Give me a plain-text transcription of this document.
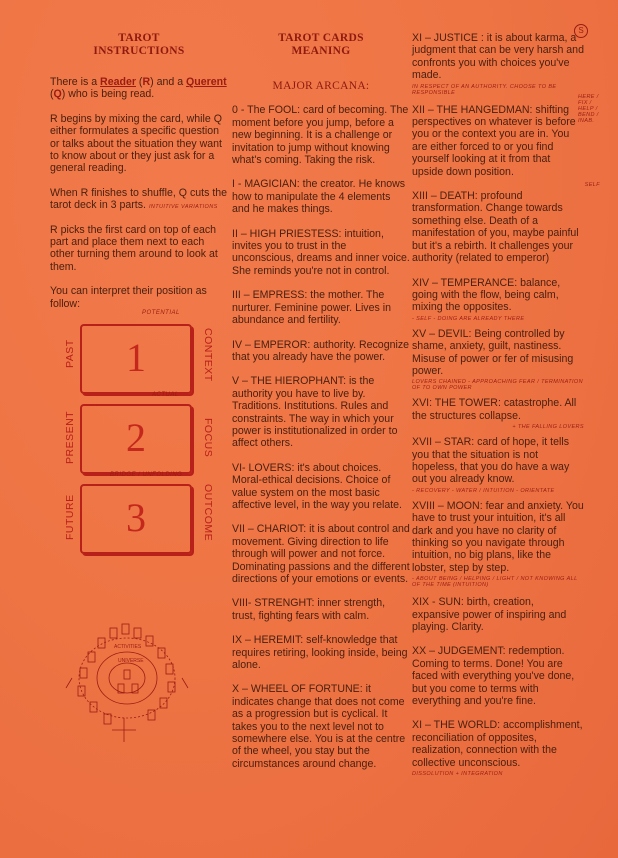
TAROT
INSTRUCTIONS

There is a Reader (R) and a Querent (Q) who is being read.

R begins by mixing the card, while Q either formulates a specific question or talks about the situation they want to know about or they just ask for a general reading.

When R finishes to shuffle, Q cuts the tarot deck in 3 parts. INTUITIVE VARIATIONS

R picks the first card on top of each part and place them next to each other turning them around to look at them.

You can interpret their position as follow:

POTENTIAL
1
PAST	CONTEXT
ACTUAL
2
PRESENT	FOCUS
BRIDGE / UNFOLDING
3
FUTURE	OUTCOME
ACTIVITIES
UNIVERSE
TAROT CARDS
MEANING
MAJOR ARCANA:

0 - The FOOL: card of becoming. The moment before you jump, before a new beginning. It is a challenge or invitation to jump without knowing what's coming. Taking the risk.

I - MAGICIAN: the creator. He knows how to manipulate the 4 elements and he makes things.

II – HIGH PRIESTESS: intuition, invites you to trust in the unconscious, dreams and inner voice. She reminds you're not in control.

III – EMPRESS: the mother. The nurturer. Feminine power. Lives in abundance and fertility.

IV – EMPEROR: authority. Recognize that you already have the power.

V – THE HIEROPHANT: is the authority you have to live by. Traditions. Institutions. Rules and constraints. The way in which your power is institutionalized in order to affect others.

VI- LOVERS: it's about choices. Moral-ethical decisions. Choice of value system on the most basic affective level, in the way you relate.

VII – CHARIOT: it is about control and movement. Giving direction to life through will power and not force. Dominating passions and the different directions of your emotions or events.

VIII- STRENGHT: inner strength, trust, fighting fears with calm.

IX – HEREMIT: self-knowledge that requires retiring, looking inside, being alone.

X – WHEEL OF FORTUNE: it indicates change that does not come as a progression but is cyclical. It takes you to the next level not to somewhere else. You is at the centre of the wheel, you stay but the circumstances around change.

S

XI – JUSTICE : it is about karma, a judgment that can be very harsh and confronts you with choices you've made.

IN RESPECT OF AN AUTHORITY. CHOOSE TO BE RESPONSIBLE

XII – THE HANGEDMAN: shifting perspectives on whatever is before you or the context you are in. You are either forced to or you find yourself looking at it from that upside down position.

HERE / FIX / HELP / BEND / INAB.

XIII – DEATH: profound transformation. Change towards something else. Death of a manifestation of you, maybe painful but it's a rebirth. It challenges your authority (related to emperor)

SELF

XIV – TEMPERANCE: balance, going with the flow, being calm, mixing the opposites.

- SELF - DOING ARE ALREADY THERE

XV – DEVIL: Being controlled by shame, anxiety, guilt, nastiness. Misuse of power or fer of misusing power.

LOVERS CHAINED - APPROACHING FEAR / TERMINATION OF TO OWN POWER

XVI: THE TOWER: catastrophe. All the structures collapse.

+ THE FALLING LOVERS

XVII – STAR: card of hope, it tells you that the situation is not hopeless, that you do have a way out you already know.

- RECOVERY - WATER / INTUITION - ORIENTATE

XVIII – MOON: fear and anxiety. You have to trust your intuition, it's all dark and you have no clarity of thinking so you navigate through intuition, no big plans, like the lobster, step by step.

- ABOUT BEING / HELPING / LIGHT / NOT KNOWING ALL OF THE TIME (INTUITION)

XIX - SUN: birth, creation, expansive power of inspiring and playing. Clarity.

XX – JUDGEMENT: redemption. Coming to terms. Done! You are faced with everything you've done, but you come to terms with everything and you're fine.

XI – THE WORLD: accomplishment, reconciliation of opposites, realization, connection with the collective unconscious.

DISSOLUTION + INTEGRATION
